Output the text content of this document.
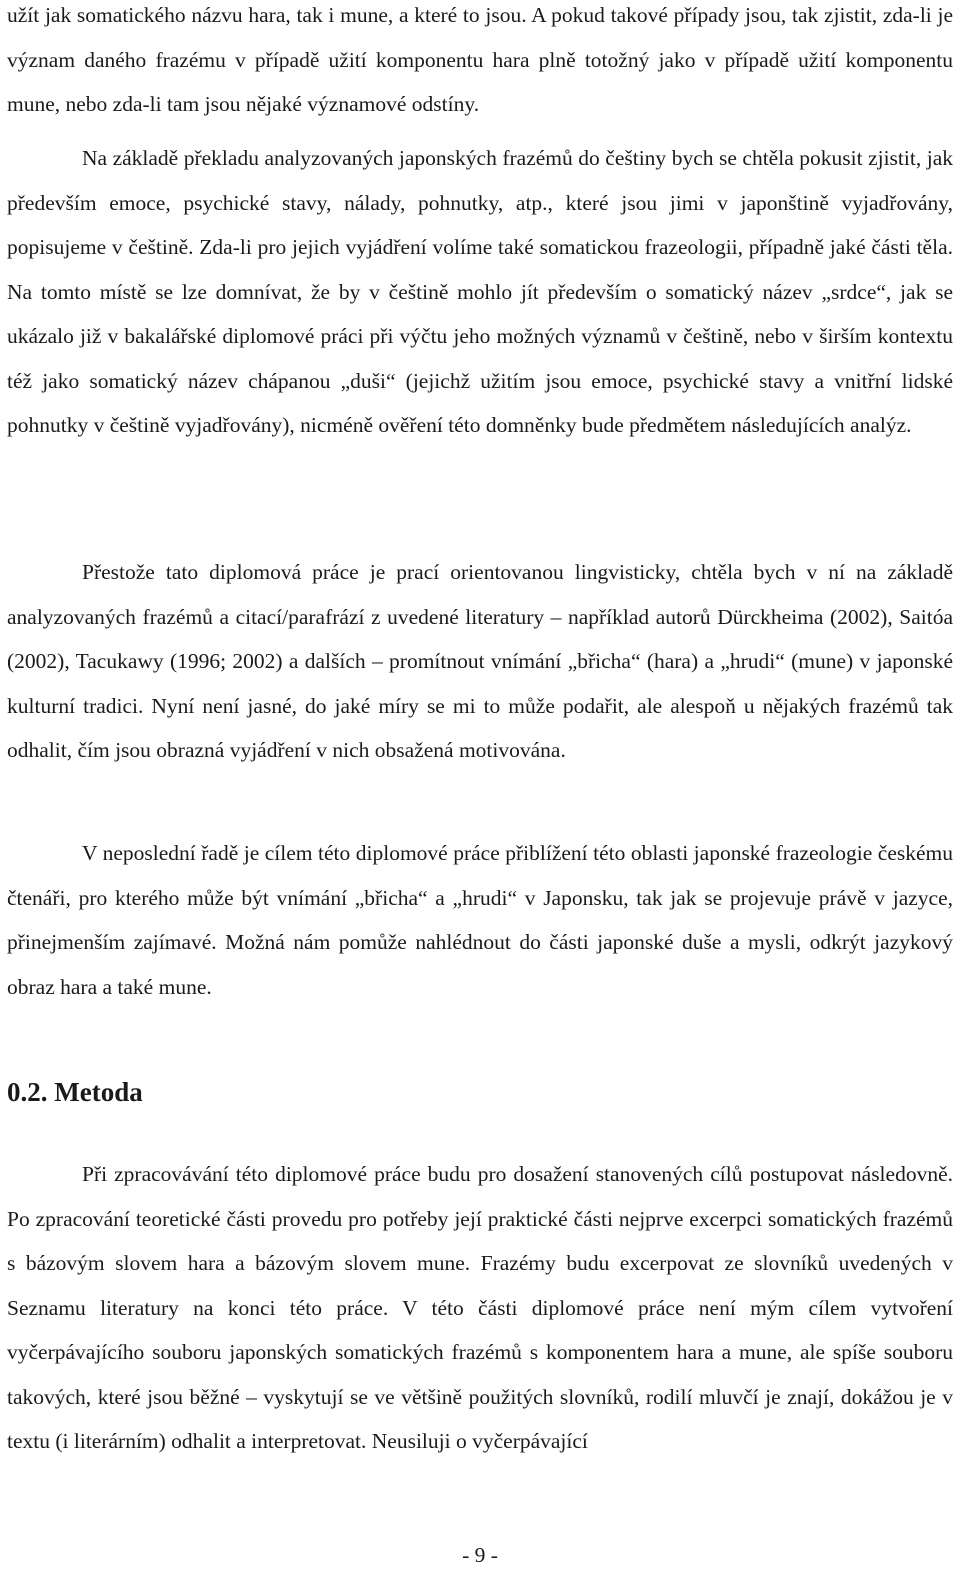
užít jak somatického názvu hara, tak i mune, a které to jsou. A pokud takové případy jsou, tak zjistit, zda-li je význam daného frazému v případě užití komponentu hara plně totožný jako v případě užití komponentu mune, nebo zda-li tam jsou nějaké významové odstíny.

Na základě překladu analyzovaných japonských frazémů do češtiny bych se chtěla pokusit zjistit, jak především emoce, psychické stavy, nálady, pohnutky, atp., které jsou jimi v japonštině vyjadřovány, popisujeme v češtině. Zda-li pro jejich vyjádření volíme také somatickou frazeologii, případně jaké části těla. Na tomto místě se lze domnívat, že by v češtině mohlo jít především o somatický název „srdce“, jak se ukázalo již v bakalářské diplomové práci při výčtu jeho možných významů v češtině, nebo v širším kontextu též jako somatický název chápanou „duši“ (jejichž užitím jsou emoce, psychické stavy a vnitřní lidské pohnutky v češtině vyjadřovány), nicméně ověření této domněnky bude předmětem následujících analýz.

Přestože tato diplomová práce je prací orientovanou lingvisticky, chtěla bych v ní na základě analyzovaných frazémů a citací/parafrází z uvedené literatury – například autorů Dürckheima (2002), Saitóa (2002), Tacukawy (1996; 2002) a dalších – promítnout vnímání „břicha“ (hara) a „hrudi“ (mune) v japonské kulturní tradici. Nyní není jasné, do jaké míry se mi to může podařit, ale alespoň u nějakých frazémů tak odhalit, čím jsou obrazná vyjádření v nich obsažená motivována.

V neposlední řadě je cílem této diplomové práce přiblížení této oblasti japonské frazeologie českému čtenáři, pro kterého může být vnímání „břicha“ a „hrudi“ v Japonsku, tak jak se projevuje právě v jazyce, přinejmenším zajímavé. Možná nám pomůže nahlédnout do části japonské duše a mysli, odkrýt jazykový obraz hara a také mune.

0.2. Metoda

Při zpracovávání této diplomové práce budu pro dosažení stanovených cílů postupovat následovně. Po zpracování teoretické části provedu pro potřeby její praktické části nejprve excerpci somatických frazémů s bázovým slovem hara a bázovým slovem mune. Frazémy budu excerpovat ze slovníků uvedených v Seznamu literatury na konci této práce. V této části diplomové práce není mým cílem vytvoření vyčerpávajícího souboru japonských somatických frazémů s komponentem hara a mune, ale spíše souboru takových, které jsou běžné – vyskytují se ve většině použitých slovníků, rodilí mluvčí je znají, dokážou je v textu (i literárním) odhalit a interpretovat. Neusiluji o vyčerpávající

- 9 -
